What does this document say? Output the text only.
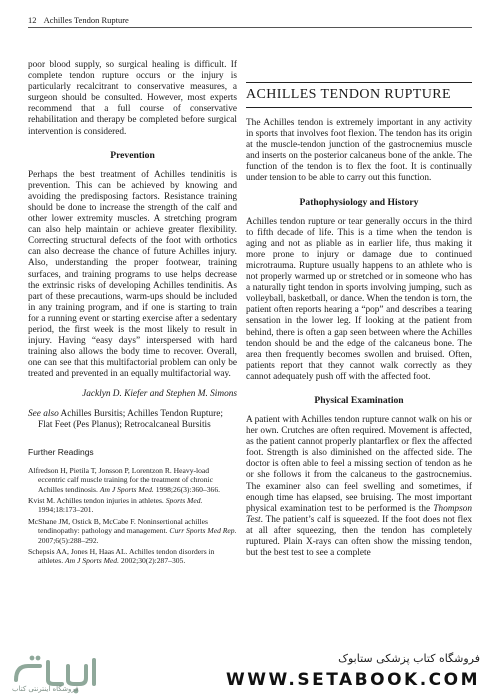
12 Achilles Tendon Rupture

poor blood supply, so surgical healing is difficult. If complete tendon rupture occurs or the injury is particularly recalcitrant to conservative measures, a surgeon should be consulted. However, most experts recommend that a full course of conservative rehabilitation and therapy be completed before surgical intervention is considered.

Prevention

Perhaps the best treatment of Achilles tendinitis is prevention. This can be achieved by knowing and avoiding the predisposing factors. Resistance training should be done to increase the strength of the calf and other lower extremity muscles. A stretching program can also help maintain or achieve greater flexibility. Correcting structural defects of the foot with orthotics can also decrease the chance of future Achilles injury. Also, understanding the proper footwear, training surfaces, and training programs to use helps decrease the extrinsic risks of developing Achilles tendinitis. As part of these precautions, warm-ups should be included in any training program, and if one is starting to train for a running event or starting exercise after a sedentary period, the first week is the most likely to result in injury. Having “easy days” interspersed with hard training also allows the body time to recover. Overall, one can see that this multifactorial problem can only be treated and prevented in an equally multifactorial way.

Jacklyn D. Kiefer and Stephen M. Simons

See also Achilles Bursitis; Achilles Tendon Rupture; Flat Feet (Pes Planus); Retrocalcaneal Bursitis

Further Readings

Alfredson H, Pietila T, Jonsson P, Lorentzon R. Heavy-load eccentric calf muscle training for the treatment of chronic Achilles tendinosis. Am J Sports Med. 1998;26(3):360–366.
Kvist M. Achilles tendon injuries in athletes. Sports Med. 1994;18:173–201.
McShane JM, Ostick B, McCabe F. Noninsertional achilles tendinopathy: pathology and management. Curr Sports Med Rep. 2007;6(5):288–292.
Schepsis AA, Jones H, Haas AL. Achilles tendon disorders in athletes. Am J Sports Med. 2002;30(2):287–305.
ACHILLES TENDON RUPTURE

The Achilles tendon is extremely important in any activity in sports that involves foot flexion. The tendon has its origin at the muscle-tendon junction of the gastrocnemius muscle and inserts on the posterior calcaneus bone of the ankle. The function of the tendon is to flex the foot. It is continually under tension to be able to carry out this function.

Pathophysiology and History

Achilles tendon rupture or tear generally occurs in the third to fifth decade of life. This is a time when the tendon is aging and not as pliable as in earlier life, thus making it more prone to injury or damage due to continued microtrauma. Rupture usually happens to an athlete who is not properly warmed up or stretched or in someone who has a naturally tight tendon in sports involving jumping, such as volleyball, basketball, or dance. When the tendon is torn, the patient often reports hearing a “pop” and describes a tearing sensation in the lower leg. If looking at the patient from behind, there is often a gap seen between where the Achilles tendon should be and the edge of the calcaneus bone. The area then frequently becomes swollen and bruised. Often, patients report that they cannot walk correctly as they cannot adequately push off with the affected foot.

Physical Examination

A patient with Achilles tendon rupture cannot walk on his or her own. Crutches are often required. Movement is affected, as the patient cannot properly plantarflex or flex the affected foot. Strength is also diminished on the affected side. The doctor is often able to feel a missing section of tendon as he or she follows it from the calcaneus to the gastrocnemius. The examiner also can feel swelling and sometimes, if enough time has elapsed, see bruising. The most important physical examination test to be performed is the Thompson Test. The patient’s calf is squeezed. If the foot does not flex at all after squeezing, then the tendon has completely ruptured. Plain X-rays can often show the missing tendon, but the best test to see a complete

فروشگاه اینترنتی کتاب
فروشگاه کتاب پزشکی ستابوک
WWW.SETABOOK.COM
